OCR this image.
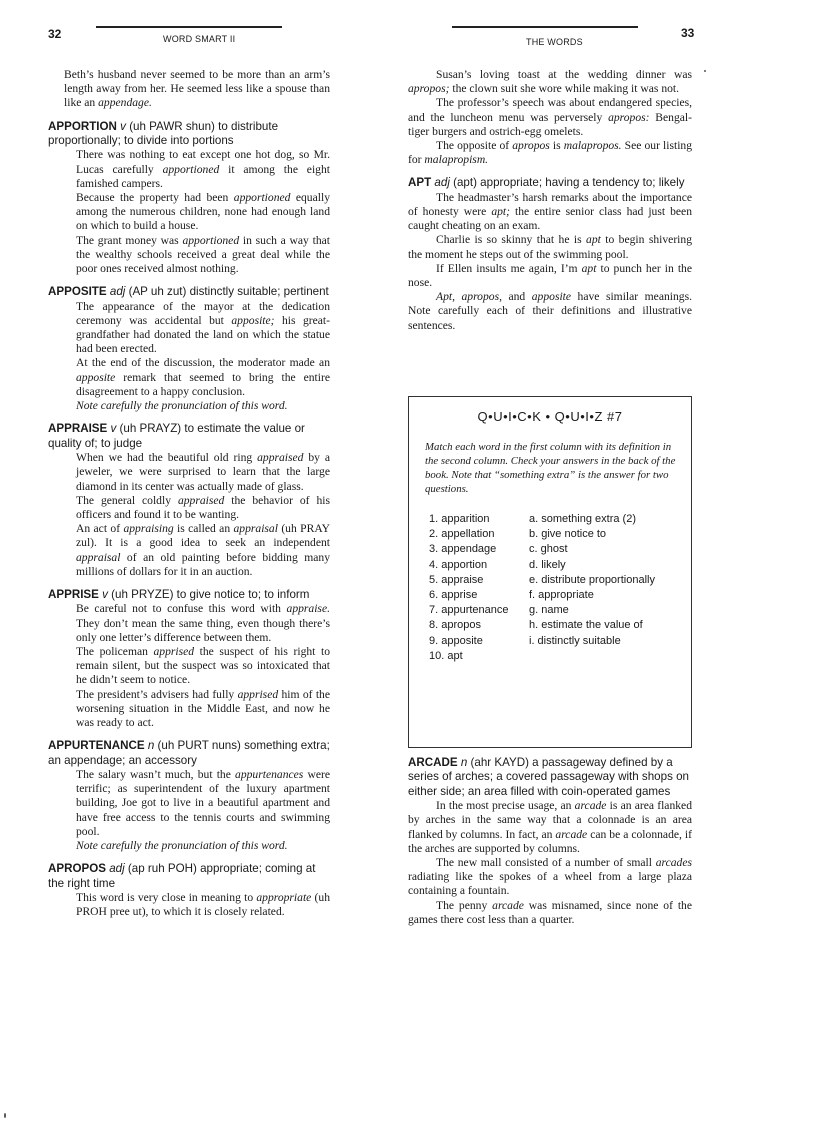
32	WORD SMART II	THE WORDS
33

Beth’s husband never seemed to be more than an arm’s length away from her. He seemed less like a spouse than like an appendage.

APPORTION v (uh PAWR shun) to distribute proportionally; to divide into portions

There was nothing to eat except one hot dog, so Mr. Lucas carefully apportioned it among the eight famished campers.

Because the property had been apportioned equally among the numerous children, none had enough land on which to build a house.

The grant money was apportioned in such a way that the wealthy schools received a great deal while the poor ones received almost nothing.

APPOSITE adj (AP uh zut) distinctly suitable; pertinent

The appearance of the mayor at the dedication ceremony was accidental but apposite; his great-grandfather had donated the land on which the statue had been erected.

At the end of the discussion, the moderator made an apposite remark that seemed to bring the entire disagreement to a happy conclusion.

Note carefully the pronunciation of this word.

APPRAISE v (uh PRAYZ) to estimate the value or quality of; to judge

When we had the beautiful old ring appraised by a jeweler, we were surprised to learn that the large diamond in its center was actually made of glass.

The general coldly appraised the behavior of his officers and found it to be wanting.

An act of appraising is called an appraisal (uh PRAY zul). It is a good idea to seek an independent appraisal of an old painting before bidding many millions of dollars for it in an auction.

APPRISE v (uh PRYZE) to give notice to; to inform

Be careful not to confuse this word with appraise. They don’t mean the same thing, even though there’s only one letter’s difference between them.

The policeman apprised the suspect of his right to remain silent, but the suspect was so intoxicated that he didn’t seem to notice.

The president’s advisers had fully apprised him of the worsening situation in the Middle East, and now he was ready to act.

APPURTENANCE n (uh PURT nuns) something extra; an appendage; an accessory

The salary wasn’t much, but the appurtenances were terrific; as superintendent of the luxury apartment building, Joe got to live in a beautiful apartment and have free access to the tennis courts and swimming pool.

Note carefully the pronunciation of this word.

APROPOS adj (ap ruh POH) appropriate; coming at the right time

This word is very close in meaning to appropriate (uh PROH pree ut), to which it is closely related.

Susan’s loving toast at the wedding dinner was apropos; the clown suit she wore while making it was not.

The professor’s speech was about endangered species, and the luncheon menu was perversely apropos: Bengal-tiger burgers and ostrich-egg omelets.

The opposite of apropos is malapropos. See our listing for malapropism.

APT adj (apt) appropriate; having a tendency to; likely

The headmaster’s harsh remarks about the importance of honesty were apt; the entire senior class had just been caught cheating on an exam.

Charlie is so skinny that he is apt to begin shivering the moment he steps out of the swimming pool.

If Ellen insults me again, I’m apt to punch her in the nose.

Apt, apropos, and apposite have similar meanings. Note carefully each of their definitions and illustrative sentences.

Q•U•I•C•K • Q•U•I•Z #7
Match each word in the first column with its definition in the second column. Check your answers in the back of the book. Note that “something extra” is the answer for two questions.
1. apparition	a. something extra (2)
2. appellation	b. give notice to
3. appendage	c. ghost
4. apportion	d. likely
5. appraise	e. distribute proportionally
6. apprise	f. appropriate
7. appurtenance	g. name
8. apropos	h. estimate the value of
9. apposite	i. distinctly suitable
10. apt
ARCADE n (ahr KAYD) a passageway defined by a series of arches; a covered passageway with shops on either side; an area filled with coin-operated games

In the most precise usage, an arcade is an area flanked by arches in the same way that a colonnade is an area flanked by columns. In fact, an arcade can be a colonnade, if the arches are supported by columns.

The new mall consisted of a number of small arcades radiating like the spokes of a wheel from a large plaza containing a fountain.

The penny arcade was misnamed, since none of the games there cost less than a quarter.
